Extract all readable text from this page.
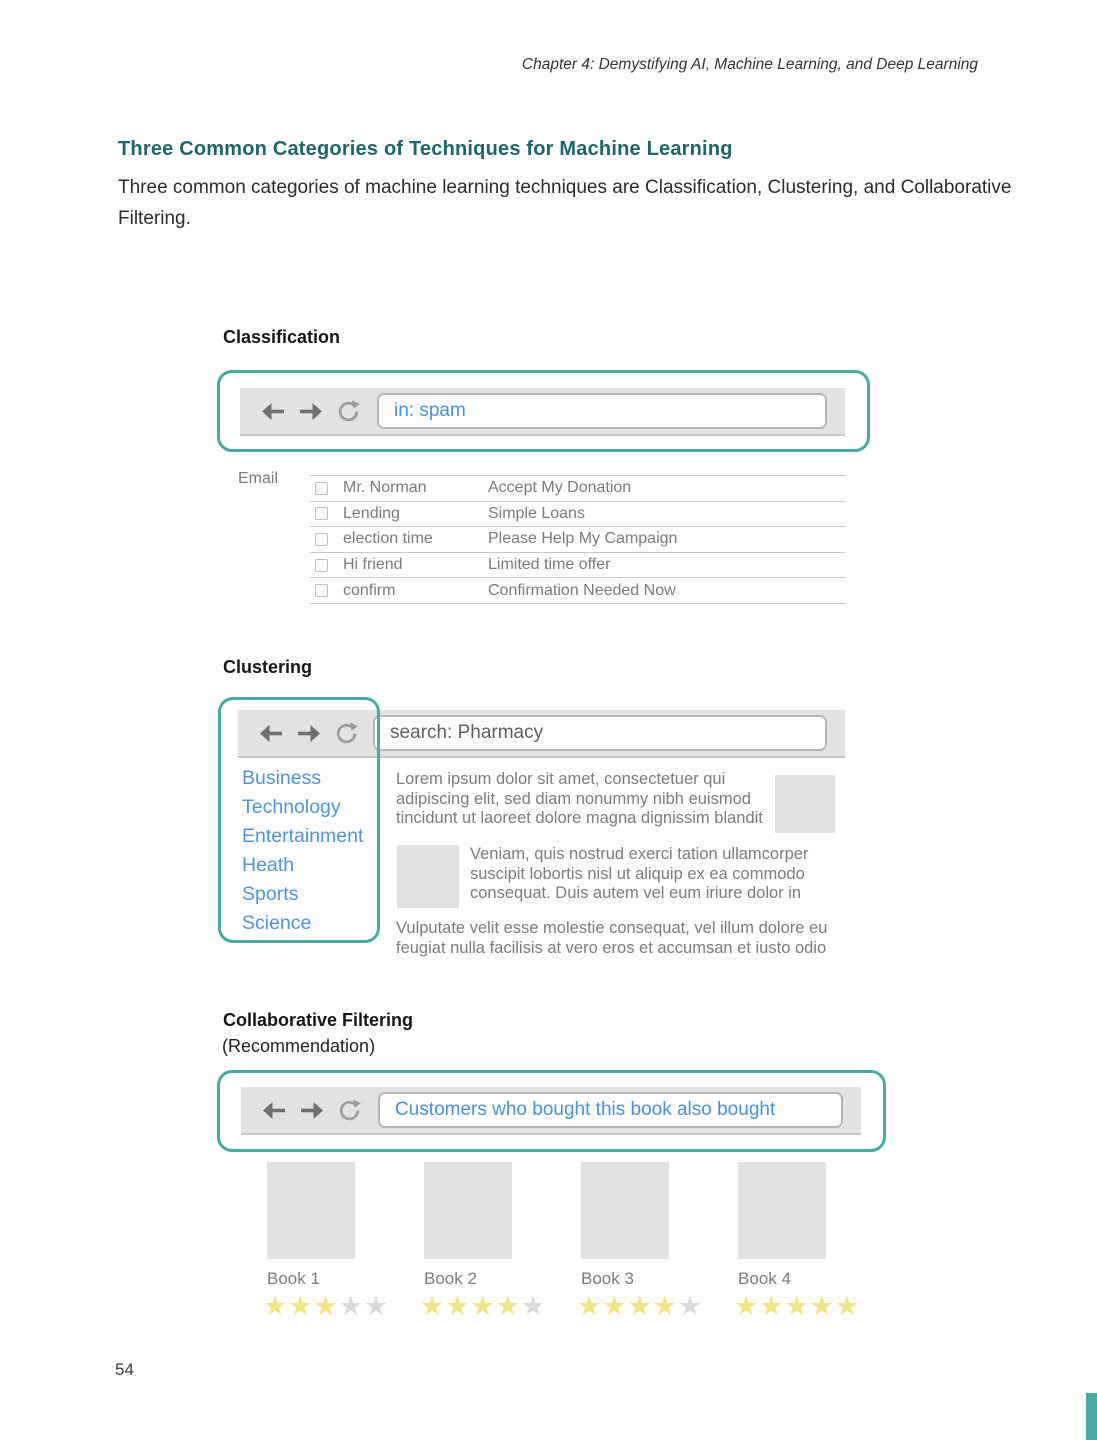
Chapter 4: Demystifying AI, Machine Learning, and Deep Learning
Three Common Categories of Techniques for Machine Learning
Three common categories of machine learning techniques are Classification, Clustering, and Collaborative Filtering.
Classification
in: spam
Email
Mr. Norman	Accept My Donation
Lending	Simple Loans
election time	Please Help My Campaign
Hi friend	Limited time offer
confirm	Confirmation Needed Now
Clustering
search: Pharmacy
Business
Technology
Entertainment
Heath
Sports
Science
Lorem ipsum dolor sit amet, consectetuer qui adipiscing elit, sed diam nonummy nibh euismod tincidunt ut laoreet dolore magna dignissim blandit
Veniam, quis nostrud exerci tation ullamcorper suscipit lobortis nisl ut aliquip ex ea commodo consequat. Duis autem vel eum iriure dolor in
Vulputate velit esse molestie consequat, vel illum dolore eu feugiat nulla facilisis at vero eros et accumsan et iusto odio
Collaborative Filtering
(Recommendation)
Customers who bought this book also bought
Book 1
★★★★★
Book 2
★★★★★
Book 3
★★★★★
Book 4
★★★★★
54
